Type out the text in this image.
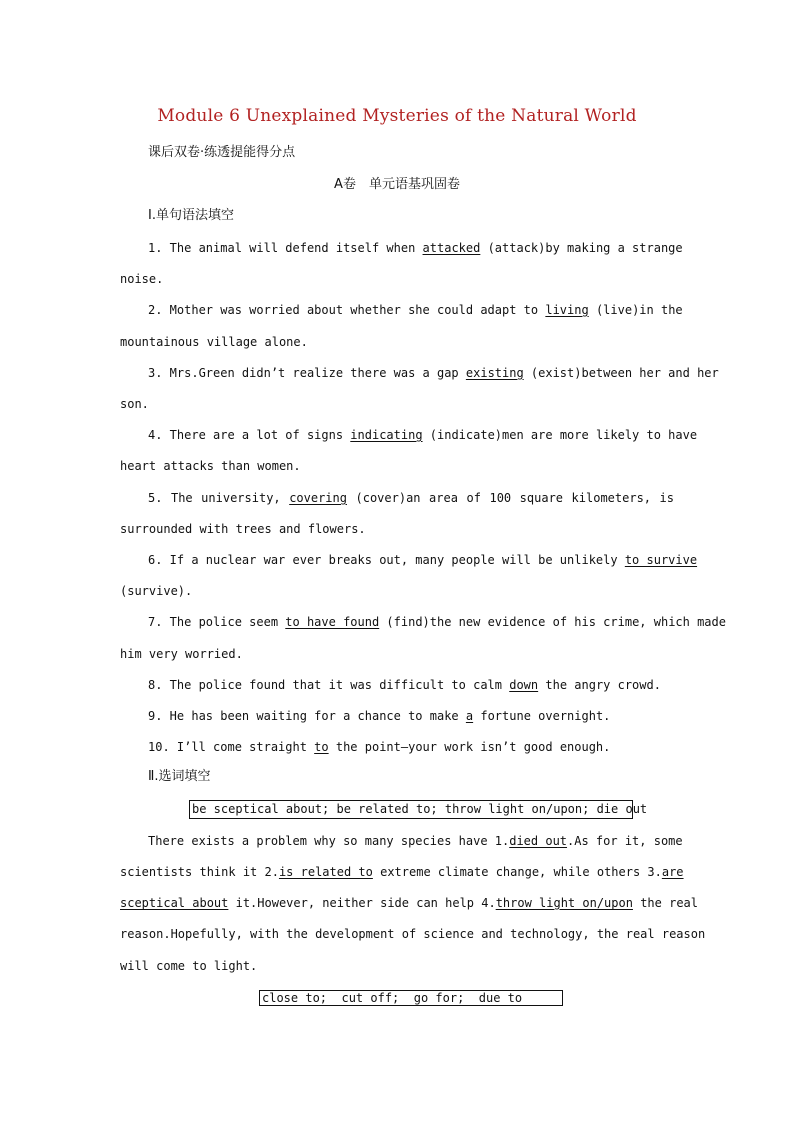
Module 6 Unexplained Mysteries of the Natural World
课后双卷·练透提能得分点
A卷　单元语基巩固卷
Ⅰ.单句语法填空
1. The animal will defend itself when attacked (attack)by making a strange
noise.
2. Mother was worried about whether she could adapt to living (live)in the
mountainous village alone.
3. Mrs.Green didn’t realize there was a gap existing (exist)between her and her
son.
4. There are a lot of signs indicating (indicate)men are more likely to have
heart attacks than women.
5. The university, covering (cover)an area of 100 square kilometers, is
surrounded with trees and flowers.
6. If a nuclear war ever breaks out, many people will be unlikely to survive
(survive).
7. The police seem to have found (find)the new evidence of his crime, which made
him very worried.
8. The police found that it was difficult to calm down the angry crowd.
9. He has been waiting for a chance to make a fortune overnight.
10. I’ll come straight to the point—your work isn’t good enough.
Ⅱ.选词填空
be sceptical about; be related to; throw light on/upon; die out
There exists a problem why so many species have 1.died out.As for it, some
scientists think it 2.is related to extreme climate change, while others 3.are
sceptical about it.However, neither side can help 4.throw light on/upon the real
reason.Hopefully, with the development of science and technology, the real reason
will come to light.
close to;  cut off;  go for;  due to
